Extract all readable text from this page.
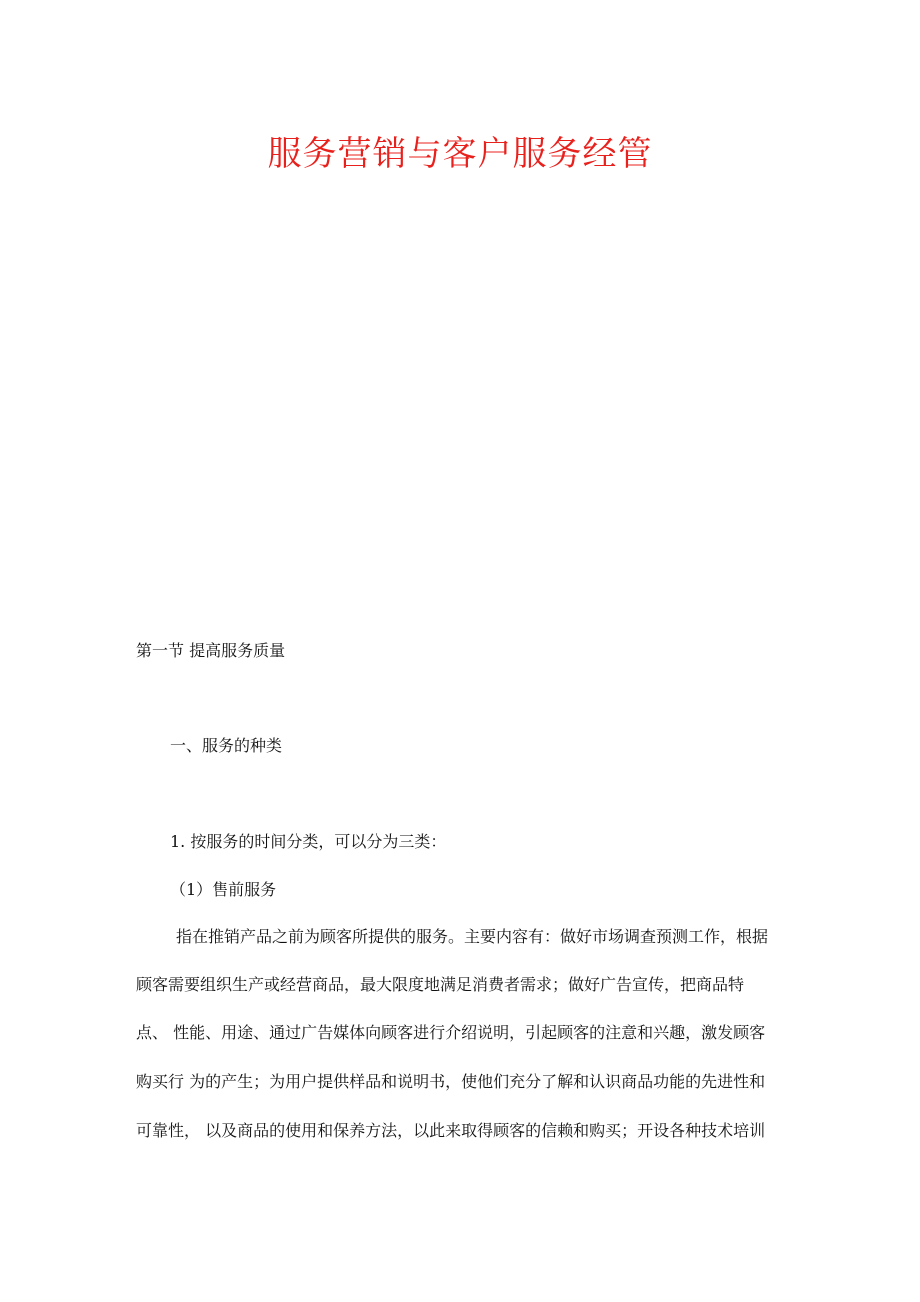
服务营销与客户服务经管
第一节 提高服务质量
一、服务的种类

1. 按服务的时间分类，可以分为三类：

（1）售前服务

指在推销产品之前为顾客所提供的服务。主要内容有：做好市场调查预测工作，根据

顾客需要组织生产或经营商品，最大限度地满足消费者需求；做好广告宣传，把商品特

点、 性能、用途、通过广告媒体向顾客进行介绍说明，引起顾客的注意和兴趣，激发顾客

购买行 为的产生；为用户提供样品和说明书，使他们充分了解和认识商品功能的先进性和

可靠性， 以及商品的使用和保养方法，以此来取得顾客的信赖和购买；开设各种技术培训
